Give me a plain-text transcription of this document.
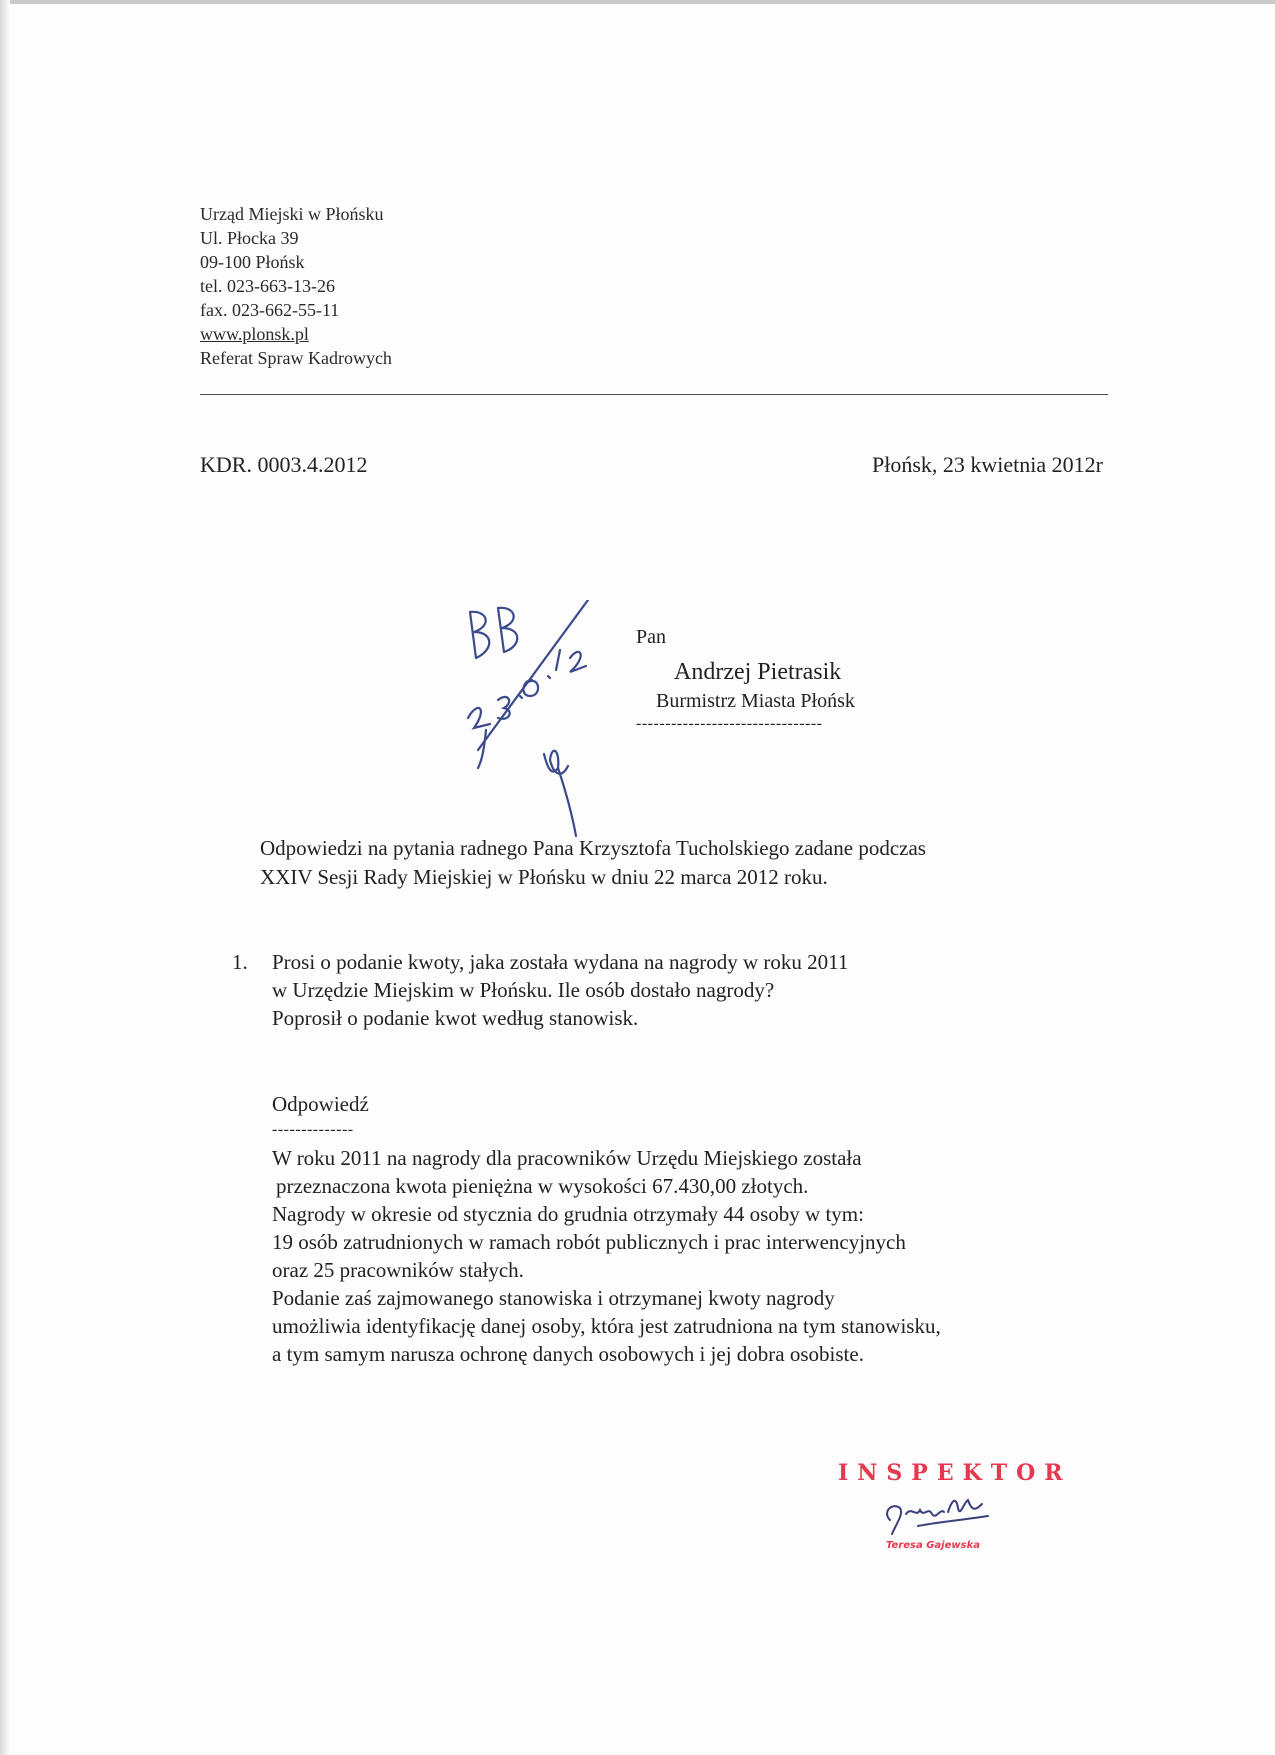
Urząd Miejski w Płońsku
Ul. Płocka 39
09-100 Płońsk
tel. 023-663-13-26
fax. 023-662-55-11
www.plonsk.pl
Referat Spraw Kadrowych
KDR. 0003.4.2012	Płońsk, 23 kwietnia 2012r
Pan
Andrzej Pietrasik
Burmistrz Miasta Płońsk
--------------------------------
Odpowiedzi na pytania radnego Pana Krzysztofa Tucholskiego zadane podczas
XXIV Sesji Rady Miejskiej w Płońsku w dniu 22 marca 2012 roku.
1. Prosi o podanie kwoty, jaka została wydana na nagrody w roku 2011
w Urzędzie Miejskim w Płońsku. Ile osób dostało nagrody?
Poprosił o podanie kwot według stanowisk.
Odpowiedź
--------------
W roku 2011 na nagrody dla pracowników Urzędu Miejskiego została
przeznaczona kwota pieniężna w wysokości 67.430,00 złotych.
Nagrody w okresie od stycznia do grudnia otrzymały 44 osoby w tym:
19 osób zatrudnionych w ramach robót publicznych i prac interwencyjnych
oraz 25 pracowników stałych.
Podanie zaś zajmowanego stanowiska i otrzymanej kwoty nagrody
umożliwia identyfikację danej osoby, która jest zatrudniona na tym stanowisku,
a tym samym narusza ochronę danych osobowych i jej dobra osobiste.
INSPEKTOR
Teresa Gajewska
